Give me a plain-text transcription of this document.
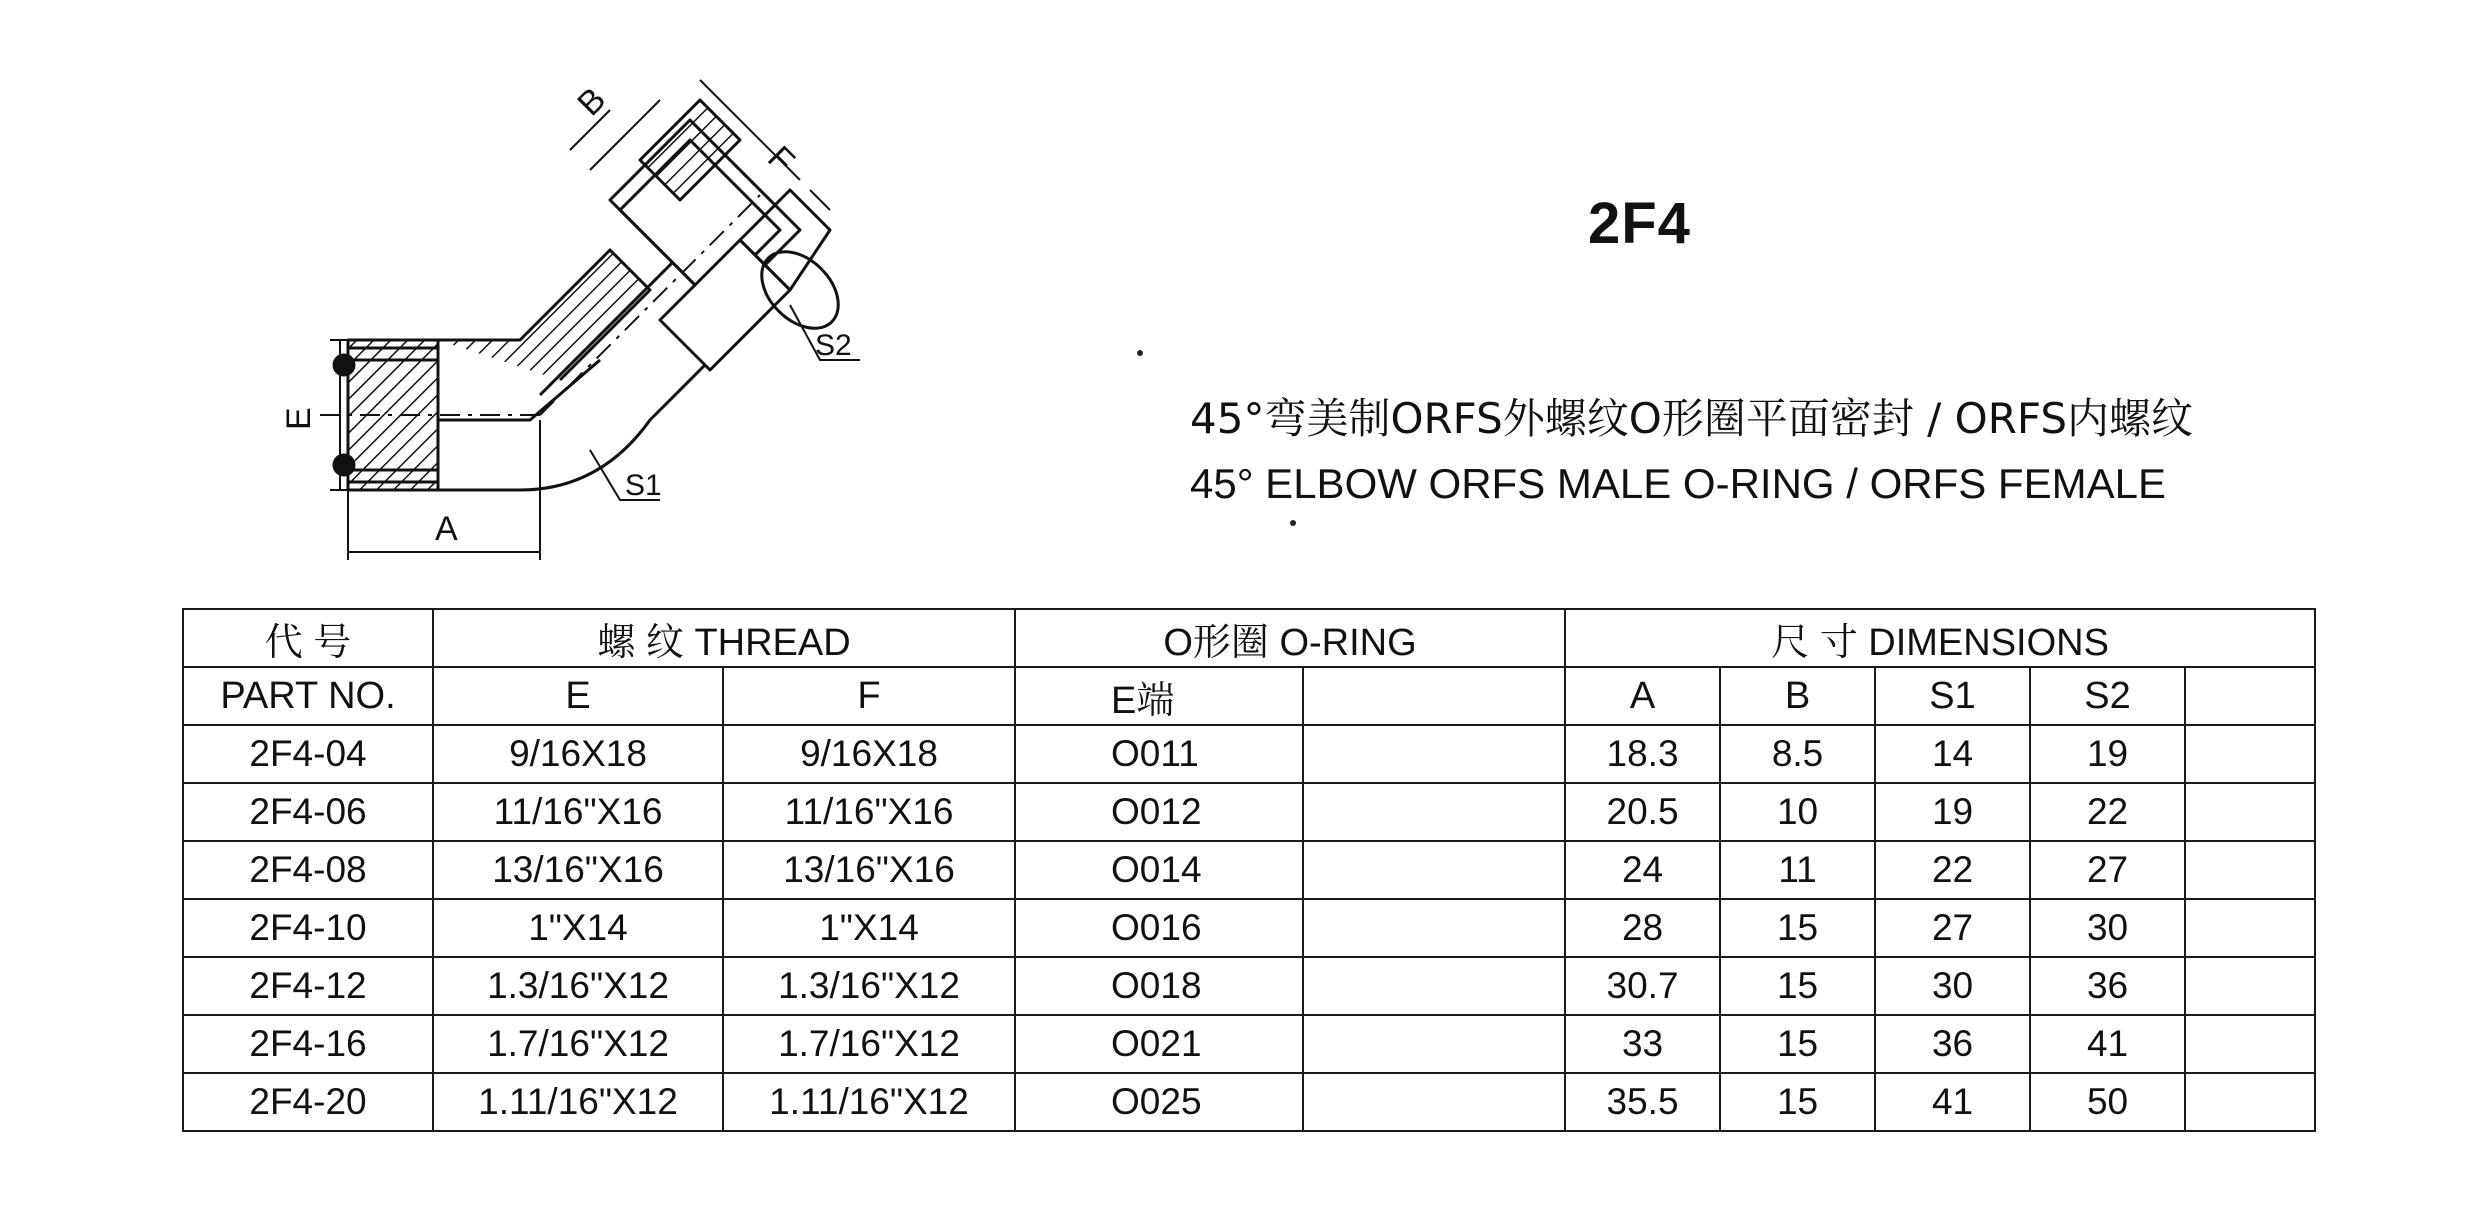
E
A
B
F
S2
S1
2F4
45°弯美制ORFS外螺纹O形圈平面密封 / ORFS内螺纹
45° ELBOW ORFS MALE O-RING / ORFS FEMALE
代 号	螺 纹 THREAD		O形圈 O-RING		尺 寸 DIMENSIONS				
PART NO.	E	F	E端		A	B	S1	S2	
2F4-04	9/16X18	9/16X18	O011		18.3	8.5	14	19	
2F4-06	11/16"X16	11/16"X16	O012		20.5	10	19	22	
2F4-08	13/16"X16	13/16"X16	O014		24	11	22	27	
2F4-10	1"X14	1"X14	O016		28	15	27	30	
2F4-12	1.3/16"X12	1.3/16"X12	O018		30.7	15	30	36	
2F4-16	1.7/16"X12	1.7/16"X12	O021		33	15	36	41	
2F4-20	1.11/16"X12	1.11/16"X12	O025		35.5	15	41	50	
